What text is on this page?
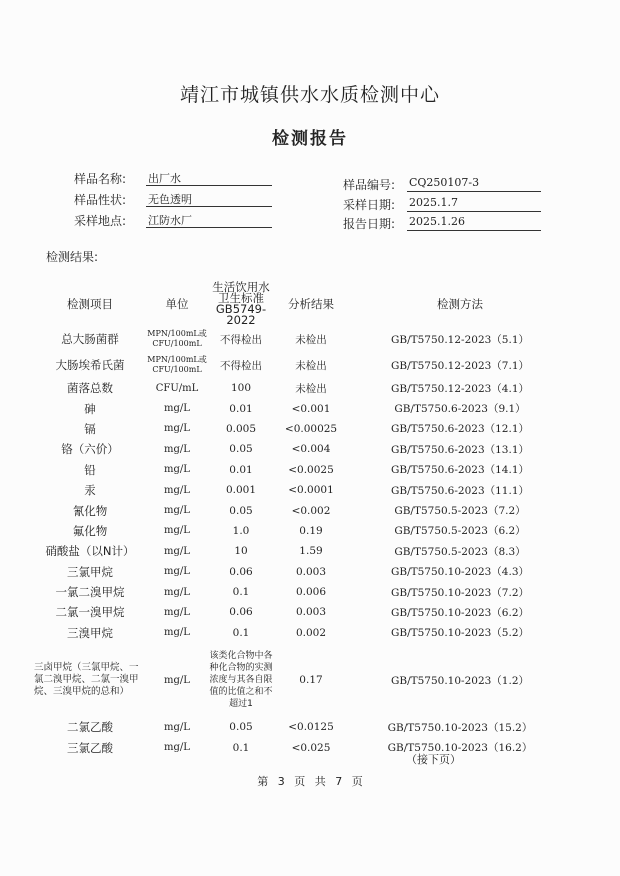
靖江市城镇供水水质检测中心
检测报告
样品名称: 出厂水
样品性状: 无色透明
采样地点: 江防水厂
样品编号: CQ250107-3
采样日期: 2025.1.7
报告日期: 2025.1.26
检测结果:
检测项目	单位	生活饮用水卫生标准GB5749-2022	分析结果	检测方法
总大肠菌群	MPN/100mL或CFU/100mL	不得检出	未检出	GB/T5750.12-2023（5.1）
大肠埃希氏菌	MPN/100mL或CFU/100mL	不得检出	未检出	GB/T5750.12-2023（7.1）
菌落总数	CFU/mL	100	未检出	GB/T5750.12-2023（4.1）
砷	mg/L	0.01	<0.001	GB/T5750.6-2023（9.1）
镉	mg/L	0.005	<0.00025	GB/T5750.6-2023（12.1）
铬（六价）	mg/L	0.05	<0.004	GB/T5750.6-2023（13.1）
铅	mg/L	0.01	<0.0025	GB/T5750.6-2023（14.1）
汞	mg/L	0.001	<0.0001	GB/T5750.6-2023（11.1）
氰化物	mg/L	0.05	<0.002	GB/T5750.5-2023（7.2）
氟化物	mg/L	1.0	0.19	GB/T5750.5-2023（6.2）
硝酸盐（以N计）	mg/L	10	1.59	GB/T5750.5-2023（8.3）
三氯甲烷	mg/L	0.06	0.003	GB/T5750.10-2023（4.3）
一氯二溴甲烷	mg/L	0.1	0.006	GB/T5750.10-2023（7.2）
二氯一溴甲烷	mg/L	0.06	0.003	GB/T5750.10-2023（6.2）
三溴甲烷	mg/L	0.1	0.002	GB/T5750.10-2023（5.2）
三卤甲烷（三氯甲烷、一氯二溴甲烷、二氯一溴甲烷、三溴甲烷的总和）	mg/L	该类化合物中各种化合物的实测浓度与其各自限值的比值之和不超过1	0.17	GB/T5750.10-2023（1.2）
二氯乙酸	mg/L	0.05	<0.0125	GB/T5750.10-2023（15.2）
三氯乙酸	mg/L	0.1	<0.025	GB/T5750.10-2023（16.2）
（接下页）
第 3 页 共 7 页
